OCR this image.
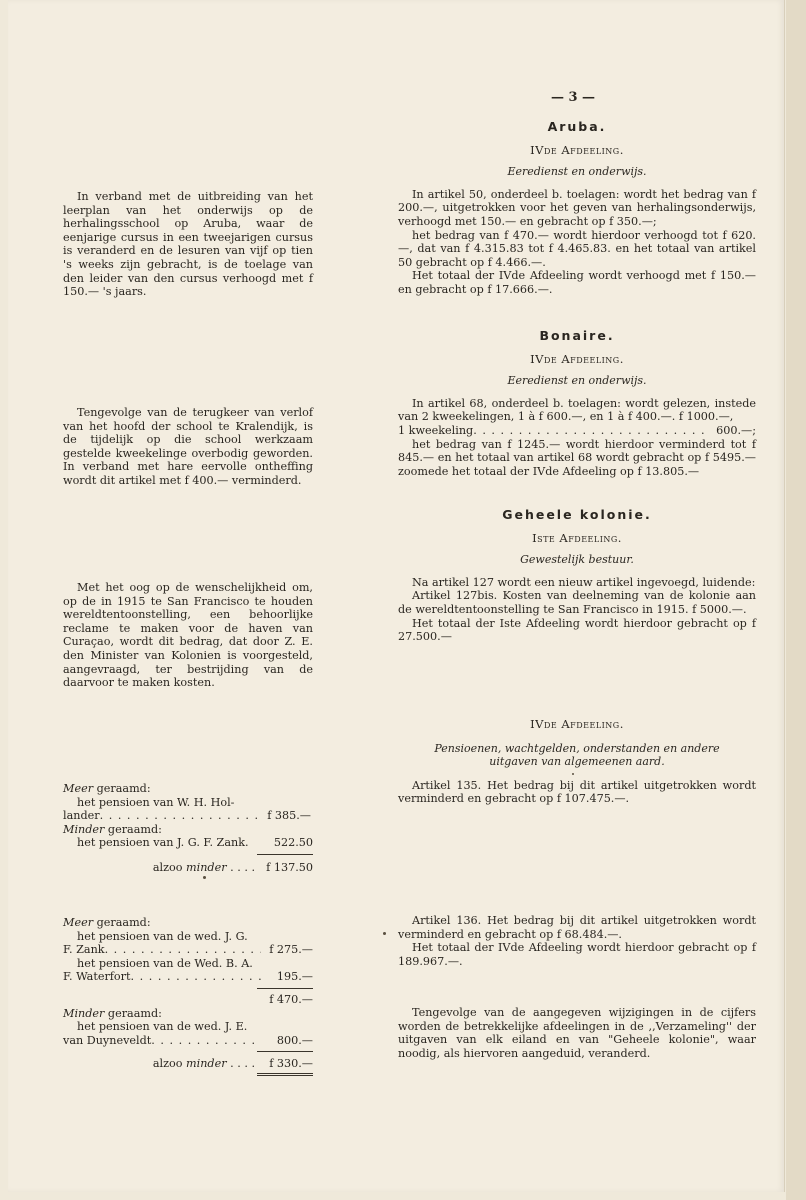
— 3 —

In verband met de uitbreiding van het leerplan van het onderwijs op de herhalingsschool op Aruba, waar de eenjarige cursus in een tweejarigen cursus is veranderd en de lesuren van vijf op tien 's weeks zijn gebracht, is de toelage van den leider van den cursus verhoogd met f 150.— 's jaars.

Tengevolge van de terugkeer van verlof van het hoofd der school te Kralendijk, is de tijdelijk op die school werkzaam gestelde kweekelinge overbodig geworden. In verband met hare eervolle ontheffing wordt dit artikel met f 400.— verminderd.

Met het oog op de wenschelijkheid om, op de in 1915 te San Francisco te houden wereldtentoonstelling, een behoorlijke reclame te maken voor de haven van Curaçao, wordt dit bedrag, dat door Z. E. den Minister van Kolonien is voorgesteld, aangevraagd, ter bestrijding van de daarvoor te maken kosten.

Meer geraamd:
het pensioen van W. H. Hol-
lander . . .	f 385.—
Minder geraamd:
het pensioen van J. G. F. Zank.	522.50
alzoo minder . . . . f 137.50
Meer geraamd:
het pensioen van de wed. J. G.
F. Zank . . .	f 275.—
het pensioen van de Wed. B. A.
F. Waterfort . . .	195.—
f 470.—
Minder geraamd:
het pensioen van de wed. J. E.
van Duyneveldt . . .	800.—
alzoo minder . . . .	f 330.—
Aruba.
IVde Afdeeling.
Eeredienst en onderwijs.

In artikel 50, onderdeel b. toelagen: wordt het bedrag van f 200.—, uitgetrokken voor het geven van herhalingsonderwijs, verhoogd met 150.— en gebracht op f 350.—;

het bedrag van f 470.— wordt hierdoor verhoogd tot f 620.—, dat van f 4.315.83 tot f 4.465.83. en het totaal van artikel 50 gebracht op f 4.466.—.

Het totaal der IVde Afdeeling wordt verhoogd met f 150.— en gebracht op f 17.666.—.

Bonaire.
IVde Afdeeling.
Eeredienst en onderwijs.

In artikel 68, onderdeel b. toelagen: wordt gelezen, instede van 2 kweekelingen, 1 à f 600.—, en 1 à f 400.—. f 1000.—,

1 kweekeling . . .	600.—;

het bedrag van f 1245.— wordt hierdoor verminderd tot f 845.— en het totaal van artikel 68 wordt gebracht op f 5495.— zoomede het totaal der IVde Afdeeling op f 13.805.—

Geheele kolonie.
Iste Afdeeling.
Gewestelijk bestuur.

Na artikel 127 wordt een nieuw artikel ingevoegd, luidende:

Artikel 127bis. Kosten van deelneming van de kolonie aan de wereldtentoonstelling te San Francisco in 1915. f 5000.—.

Het totaal der Iste Afdeeling wordt hierdoor gebracht op f 27.500.—

IVde Afdeeling.
Pensioenen, wachtgelden, onderstanden en andere uitgaven van algemeenen aard.

Artikel 135. Het bedrag bij dit artikel uitgetrokken wordt verminderd en gebracht op f 107.475.—.

Artikel 136. Het bedrag bij dit artikel uitgetrokken wordt verminderd en gebracht op f 68.484.—.

Het totaal der IVde Afdeeling wordt hierdoor gebracht op f 189.967.—.

Tengevolge van de aangegeven wijzigingen in de cijfers worden de betrekkelijke afdeelingen in de ,,Verzameling'' der uitgaven van elk eiland en van "Geheele kolonie", waar noodig, als hiervoren aangeduid, veranderd.
